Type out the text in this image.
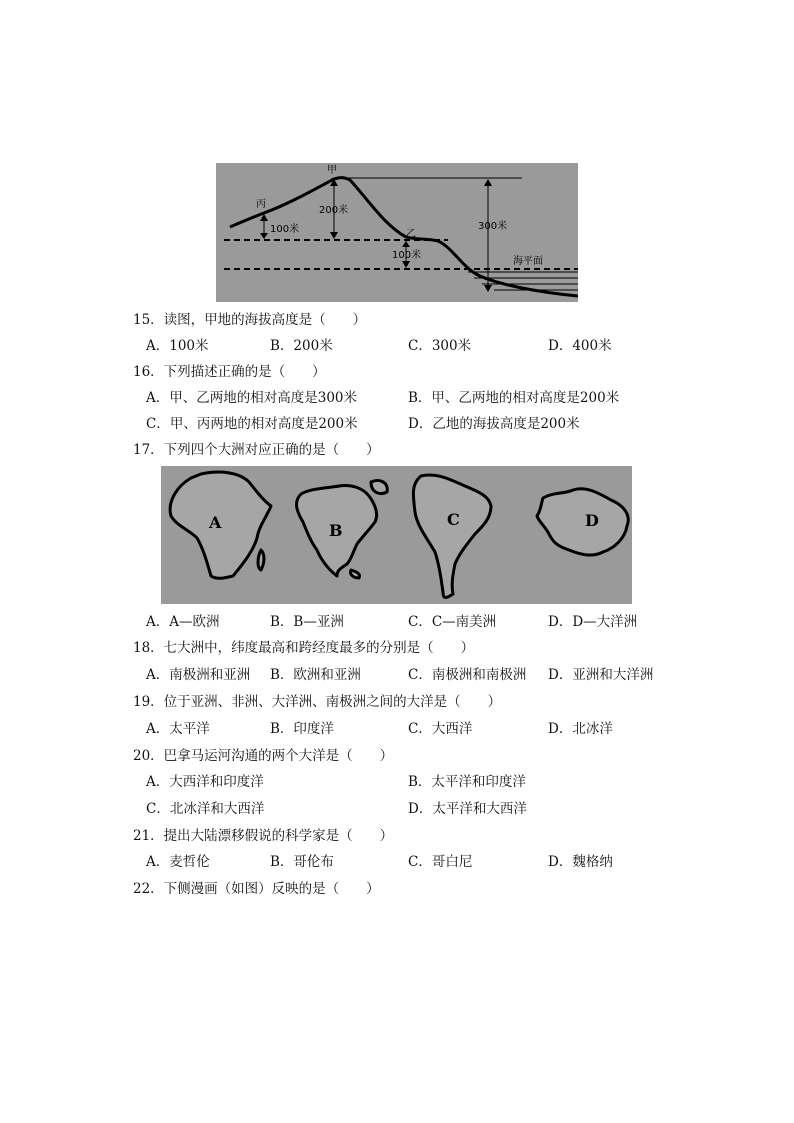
甲
丙
乙
200米
100米
100米
300米
海平面
A	B
C	D
15．读图，甲地的海拔高度是（　　）
A．100米	B．200米	C．300米	D．400米
16．下列描述正确的是（　　）
A．甲、乙两地的相对高度是300米	B．甲、乙两地的相对高度是200米
C．甲、丙两地的相对高度是200米	D．乙地的海拔高度是200米
17．下列四个大洲对应正确的是（　　）
A．A—欧洲	B．B—亚洲	C．C—南美洲	D．D—大洋洲
18．七大洲中，纬度最高和跨经度最多的分别是（　　）
A．南极洲和亚洲 B．欧洲和亚洲	C．南极洲和南极洲 D．亚洲和大洋洲
19．位于亚洲、非洲、大洋洲、南极洲之间的大洋是（　　）
A．太平洋	B．印度洋	C．大西洋	D．北冰洋
20．巴拿马运河沟通的两个大洋是（　　）
A．大西洋和印度洋	B．太平洋和印度洋
C．北冰洋和大西洋	D．太平洋和大西洋
21．提出大陆漂移假说的科学家是（　　）
A．麦哲伦	B．哥伦布	C．哥白尼	D．魏格纳
22．下侧漫画（如图）反映的是（　　）
